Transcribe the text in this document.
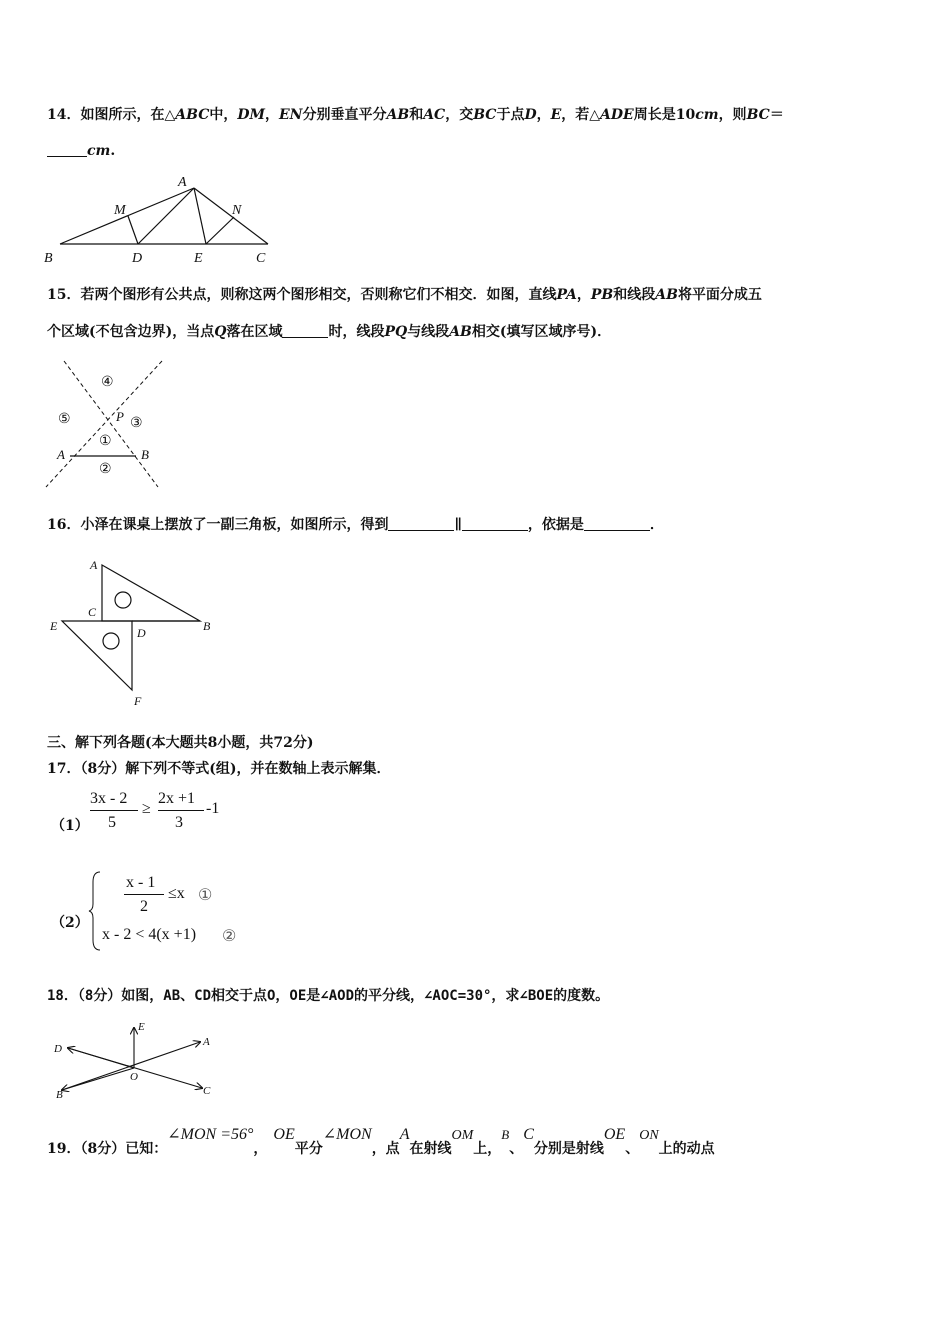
14．如图所示，在△ABC中，DM，EN分别垂直平分AB和AC，交BC于点D，E，若△ADE周长是10cm，则BC＝
cm.
A
B	D	E	C
M	N
15．若两个图形有公共点，则称这两个图形相交，否则称它们不相交．如图，直线PA，PB和线段AB将平面分成五
个区域(不包含边界)，当点Q落在区域	时，线段PQ与线段AB相交(填写区域序号)．
P
A	B
④
⑤	③
①
②
16．小泽在课桌上摆放了一副三角板，如图所示，得到	∥	，依据是	．
A
C
E	D	B
F
三、解下列各题(本大题共8小题，共72分)
17．（8分）解下列不等式(组)，并在数轴上表示解集．
（1）
3x - 2
5
≥
2x +1
3
-1
（2）
x - 1
2
≤x ①
x - 2 < 4(x +1) ②
18．（8分）如图，AB、CD相交于点O，OE是∠AOD的平分线，∠AOC=30°，求∠BOE的度数。
E
D
A
O
B	C
19．（8分）已知：∠MON =56°，OE平分∠MON，点A在射线OM上，B、C分别是射线OE、ON上的动点
